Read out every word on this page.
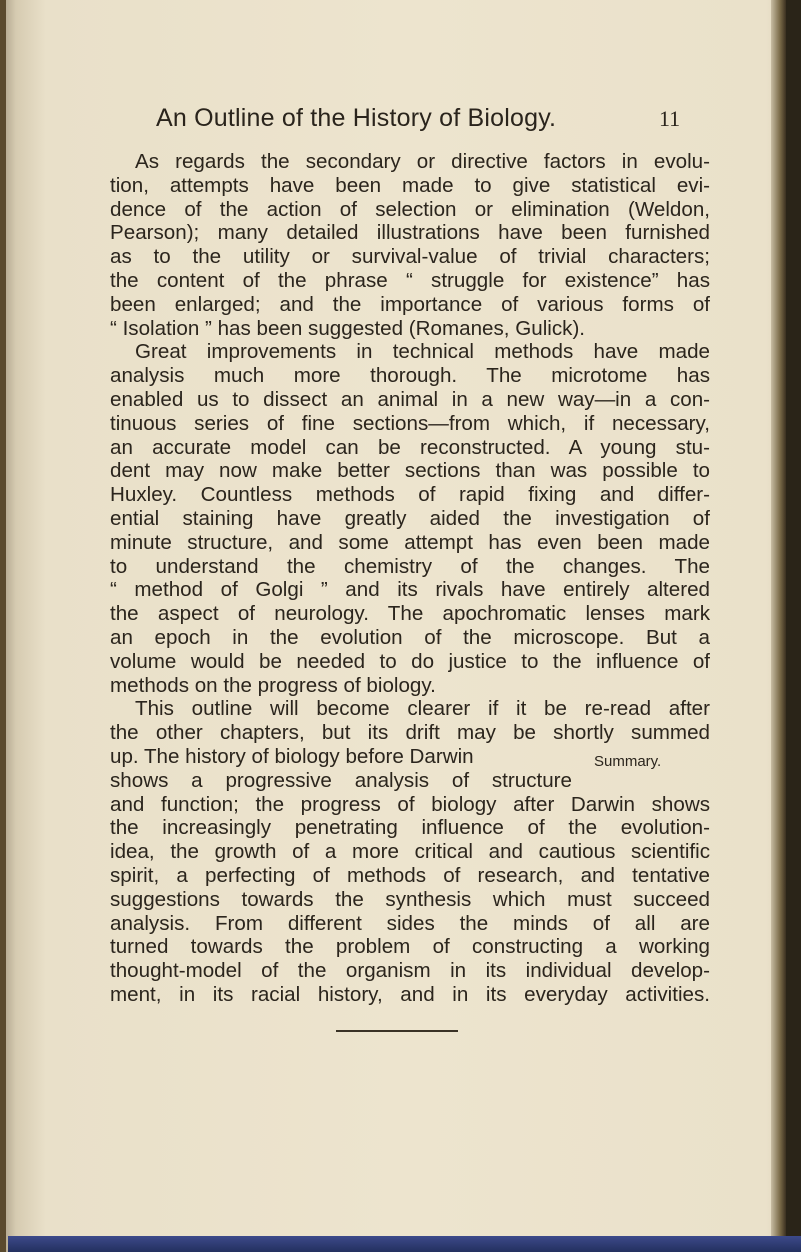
An Outline of the History of Biology.	11
As regards the secondary or directive factors in evolu-
tion, attempts have been made to give statistical evi-
dence of the action of selection or elimination (Weldon,
Pearson); many detailed illustrations have been furnished
as to the utility or survival-value of trivial characters;
the content of the phrase “ struggle for existence” has
been enlarged; and the importance of various forms of
“ Isolation ” has been suggested (Romanes, Gulick).
Great improvements in technical methods have made
analysis much more thorough. The microtome has
enabled us to dissect an animal in a new way—in a con-
tinuous series of fine sections—from which, if necessary,
an accurate model can be reconstructed. A young stu-
dent may now make better sections than was possible to
Huxley. Countless methods of rapid fixing and differ-
ential staining have greatly aided the investigation of
minute structure, and some attempt has even been made
to understand the chemistry of the changes. The
“ method of Golgi ” and its rivals have entirely altered
the aspect of neurology. The apochromatic lenses mark
an epoch in the evolution of the microscope. But a
volume would be needed to do justice to the influence of
methods on the progress of biology.
This outline will become clearer if it be re-read after
the other chapters, but its drift may be shortly summed
up. The history of biology before Darwin
shows a progressive analysis of structure
and function; the progress of biology after Darwin shows
the increasingly penetrating influence of the evolution-
idea, the growth of a more critical and cautious scientific
spirit, a perfecting of methods of research, and tentative
suggestions towards the synthesis which must succeed
analysis. From different sides the minds of all are
turned towards the problem of constructing a working
thought-model of the organism in its individual develop-
ment, in its racial history, and in its everyday activities.
Summary.
